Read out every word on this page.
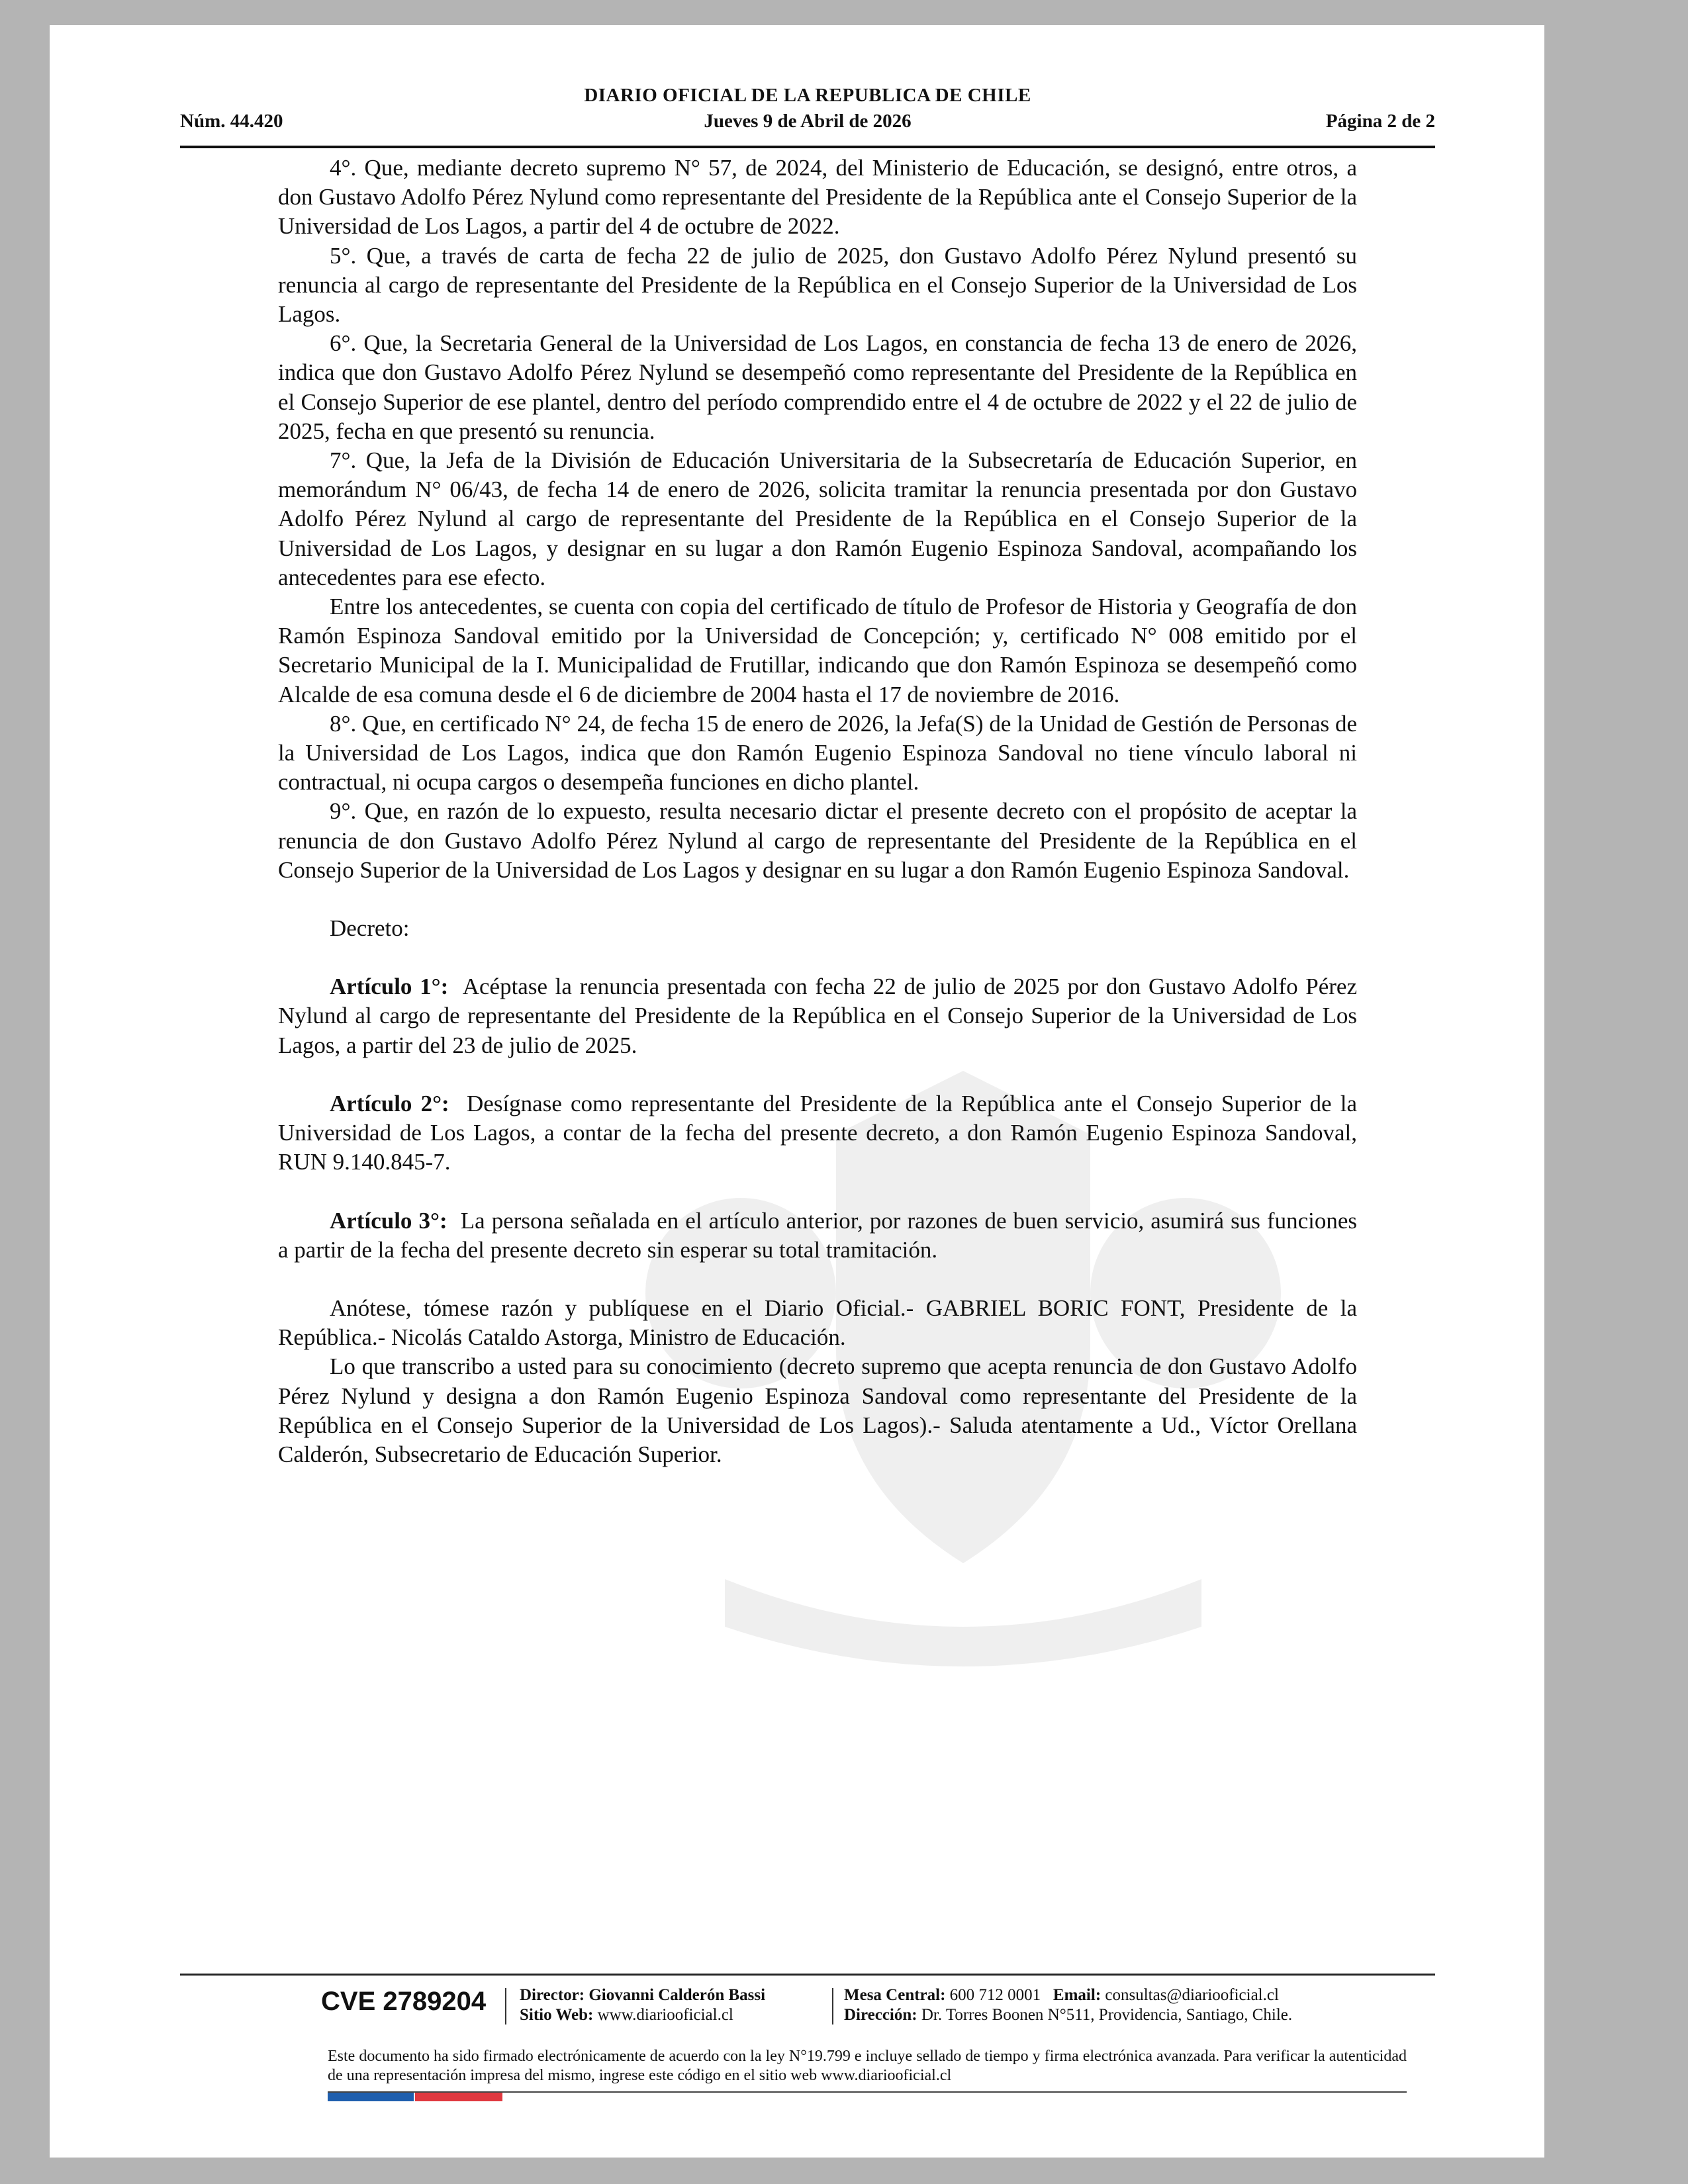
DIARIO OFICIAL DE LA REPUBLICA DE CHILE
Núm. 44.420	Jueves 9 de Abril de 2026	Página 2 de 2

4°. Que, mediante decreto supremo N° 57, de 2024, del Ministerio de Educación, se designó, entre otros, a don Gustavo Adolfo Pérez Nylund como representante del Presidente de la República ante el Consejo Superior de la Universidad de Los Lagos, a partir del 4 de octubre de 2022.

5°. Que, a través de carta de fecha 22 de julio de 2025, don Gustavo Adolfo Pérez Nylund presentó su renuncia al cargo de representante del Presidente de la República en el Consejo Superior de la Universidad de Los Lagos.

6°. Que, la Secretaria General de la Universidad de Los Lagos, en constancia de fecha 13 de enero de 2026, indica que don Gustavo Adolfo Pérez Nylund se desempeñó como representante del Presidente de la República en el Consejo Superior de ese plantel, dentro del período comprendido entre el 4 de octubre de 2022 y el 22 de julio de 2025, fecha en que presentó su renuncia.

7°. Que, la Jefa de la División de Educación Universitaria de la Subsecretaría de Educación Superior, en memorándum N° 06/43, de fecha 14 de enero de 2026, solicita tramitar la renuncia presentada por don Gustavo Adolfo Pérez Nylund al cargo de representante del Presidente de la República en el Consejo Superior de la Universidad de Los Lagos, y designar en su lugar a don Ramón Eugenio Espinoza Sandoval, acompañando los antecedentes para ese efecto.

Entre los antecedentes, se cuenta con copia del certificado de título de Profesor de Historia y Geografía de don Ramón Espinoza Sandoval emitido por la Universidad de Concepción; y, certificado N° 008 emitido por el Secretario Municipal de la I. Municipalidad de Frutillar, indicando que don Ramón Espinoza se desempeñó como Alcalde de esa comuna desde el 6 de diciembre de 2004 hasta el 17 de noviembre de 2016.

8°. Que, en certificado N° 24, de fecha 15 de enero de 2026, la Jefa(S) de la Unidad de Gestión de Personas de la Universidad de Los Lagos, indica que don Ramón Eugenio Espinoza Sandoval no tiene vínculo laboral ni contractual, ni ocupa cargos o desempeña funciones en dicho plantel.

9°. Que, en razón de lo expuesto, resulta necesario dictar el presente decreto con el propósito de aceptar la renuncia de don Gustavo Adolfo Pérez Nylund al cargo de representante del Presidente de la República en el Consejo Superior de la Universidad de Los Lagos y designar en su lugar a don Ramón Eugenio Espinoza Sandoval.

Decreto:

Artículo 1°: Acéptase la renuncia presentada con fecha 22 de julio de 2025 por don Gustavo Adolfo Pérez Nylund al cargo de representante del Presidente de la República en el Consejo Superior de la Universidad de Los Lagos, a partir del 23 de julio de 2025.

Artículo 2°: Desígnase como representante del Presidente de la República ante el Consejo Superior de la Universidad de Los Lagos, a contar de la fecha del presente decreto, a don Ramón Eugenio Espinoza Sandoval, RUN 9.140.845-7.

Artículo 3°: La persona señalada en el artículo anterior, por razones de buen servicio, asumirá sus funciones a partir de la fecha del presente decreto sin esperar su total tramitación.

Anótese, tómese razón y publíquese en el Diario Oficial.- GABRIEL BORIC FONT, Presidente de la República.- Nicolás Cataldo Astorga, Ministro de Educación.

Lo que transcribo a usted para su conocimiento (decreto supremo que acepta renuncia de don Gustavo Adolfo Pérez Nylund y designa a don Ramón Eugenio Espinoza Sandoval como representante del Presidente de la República en el Consejo Superior de la Universidad de Los Lagos).- Saluda atentamente a Ud., Víctor Orellana Calderón, Subsecretario de Educación Superior.

CVE 2789204 Director: Giovanni Calderón Bassi
Sitio Web: www.diariooficial.cl
Mesa Central: 600 712 0001 Email: consultas@diariooficial.cl
Dirección: Dr. Torres Boonen N°511, Providencia, Santiago, Chile.
Este documento ha sido firmado electrónicamente de acuerdo con la ley N°19.799 e incluye sellado de tiempo y firma electrónica avanzada. Para verificar la autenticidad de una representación impresa del mismo, ingrese este código en el sitio web www.diariooficial.cl
